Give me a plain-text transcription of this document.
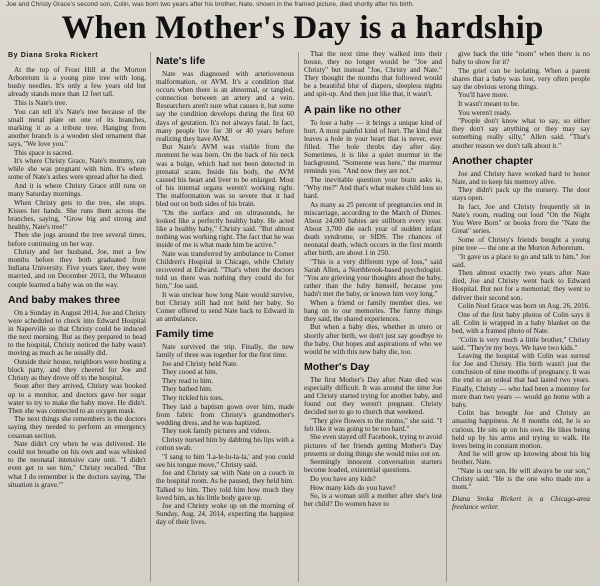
Joe and Christy Grace's second son, Colin, was born two years after his brother, Nate, shown in the framed picture, died shortly after his birth.
When Mother's Day is a hardship
By Diana Sroka Rickert

At the top of Frost Hill at the Morton Arboretum is a young pine tree with long, bushy needles. It's only a few years old but already stands more than 12 feet tall.

This is Nate's tree.

You can tell it's Nate's tree because of the small metal plate on one of its branches, marking it as a tribute tree. Hanging from another branch is a wooden sled ornament that says, "We love you."

This space is sacred.

It's where Christy Grace, Nate's mommy, ran while she was pregnant with him. It's where some of Nate's ashes were spread after he died.

And it is where Christy Grace still runs on many Saturday mornings.

When Christy gets to the tree, she stops. Kisses her hands. She runs them across the branches, saying, "Grow big and strong and healthy, Nate's tree!"

Then she jogs around the tree several times, before continuing on her way.

Christy and her husband, Joe, met a few months before they both graduated from Indiana University. Five years later, they were married, and on December 2013, the Wheaton couple learned a baby was on the way.

And baby makes three

On a Sunday in August 2014, Joe and Christy were scheduled to check into Edward Hospital in Naperville so that Christy could be induced the next morning. But as they prepared to head to the hospital, Christy noticed the baby wasn't moving as much as he usually did.

Outside their house, neighbors were hosting a block party, and they cheered for Joe and Christy as they drove off to the hospital.

Soon after they arrived, Christy was hooked up to a monitor, and doctors gave her sugar water to try to make the baby move. He didn't. Then she was connected to an oxygen mask.

The next things she remembers is the doctors saying they needed to perform an emergency cesarean section.

Nate didn't cry when he was delivered. He could not breathe on his own and was whisked to the neonatal intensive care unit. "I didn't even get to see him," Christy recalled. "But what I do remember is the doctors saying, 'The situation is grave.'"

Nate's life

Nate was diagnosed with arteriovenous malformation, or AVM. It's a condition that occurs when there is an abnormal, or tangled, connection between an artery and a vein. Researchers aren't sure what causes it, but some say the condition develops during the first 60 days of gestation. It's not always fatal. In fact, many people live for 30 or 40 years before realizing they have AVM.

But Nate's AVM was visible from the moment he was born. On the back of his neck was a bulge, which had not been detected in prenatal scans. Inside his body, the AVM caused his heart and liver to be enlarged. Most of his internal organs weren't working right. The malformation was so severe that it had bled out on both sides of his brain.

"On the surface and on ultrasounds, he looked like a perfectly healthy baby. He acted like a healthy baby," Christy said. "But almost nothing was working right. The fact that he was inside of me is what made him be active."

Nate was transferred by ambulance to Comer Children's Hospital in Chicago, while Christy recovered at Edward. "That's when the doctors told us there was nothing they could do for him," Joe said.

It was unclear how long Nate would survive, but Christy still had not held her baby. So Comer offered to send Nate back to Edward in an ambulance.

Family time

Nate survived the trip. Finally, the new family of three was together for the first time.

Joe and Christy held Nate.

They cooed at him.

They read to him.

They bathed him.

They tickled his toes.

They laid a baptism gown over him, made from fabric from Christy's grandmother's wedding dress, and he was baptized.

They took family pictures and videos.

Christy nursed him by dabbing his lips with a cotton swab.

"I sang to him 'La-le-lu-la-la,' and you could see his tongue move," Christy said.

Joe and Christy sat with Nate on a couch in the hospital room. As he paused, they held him. Talked to him. They told him how much they loved him, as his little body gave up.

Joe and Christy woke up on the morning of Sunday, Aug. 24, 2014, expecting the happiest day of their lives.

That the next time they walked into their house, they no longer would be "Joe and Christy" but instead "Joe, Christy and Nate." They thought the months that followed would be a beautiful blur of diapers, sleepless nights and spit-up. And then just like that, it wasn't.

A pain like no other

To lose a baby — it brings a unique kind of hurt. A most painful kind of hurt. The kind that leaves a hole in your heart that is never, ever filled. The hole throbs day after day. Sometimes, it is like a quiet murmur in the background. "Someone was here," the murmur reminds you. "And now they are not."

The inevitable question your brain asks is, "Why me?" And that's what makes child loss so hard.

As many as 25 percent of pregnancies end in miscarriage, according to the March of Dimes. About 24,000 babies are stillborn every year. About 3,700 die each year of sudden infant death syndrome, or SIDS. The chances of neonatal death, which occurs in the first month after birth, are about 1 in 250.

"This is a very different type of loss," said Sarah Allen, a Northbrook-based psychologist. "You are grieving your thoughts about the baby, rather than the baby himself, because you hadn't met the baby, or known him very long."

When a friend or family member dies, we hang on to our memories. The funny things they said, the shared experiences.

But when a baby dies, whether in utero or shortly after birth, we don't just say goodbye to the baby. Our hopes and aspirations of who we would be with this new baby die, too.

Mother's Day

The first Mother's Day after Nate died was especially difficult. It was around the time Joe and Christy started trying for another baby, and found out they weren't pregnant. Christy decided not to go to church that weekend.

"They give flowers to the moms," she said. "I felt like it was going to be too hard."

She even stayed off Facebook, trying to avoid pictures of her friends getting Mother's Day presents or doing things she would miss out on.

Seemingly innocent conversation starters become loaded, existential questions.

Do you have any kids?

How many kids do you have?

So, is a woman still a mother after she's lost her child? Do women have to

give back the title "mom" when there is no baby to show for it?

The grief can be isolating. When a parent shares that a baby was lost, very often people say the obvious wrong things.

You'll have more.

It wasn't meant to be.

You weren't ready.

"People don't know what to say, so either they don't say anything or they may say something really silly," Allen said. "That's another reason we don't talk about it."

Another chapter

Joe and Christy have worked hard to honor Nate, and to keep his memory alive.

They didn't pack up the nursery. The door stays open.

In fact, Joe and Christy frequently sit in Nate's room, reading out loud "On the Night You Were Born" or books from the "Nate the Great" series.

Some of Christy's friends bought a young pine tree — the one at the Morton Arboretum.

"It gave us a place to go and talk to him," Joe said.

Then almost exactly two years after Nate died, Joe and Christy went back to Edward Hospital. But not for a memorial; they went to deliver their second son.

Colin Noel Grace was born on Aug. 26, 2016.

One of the first baby photos of Colin says it all. Colin is wrapped in a baby blanket on the bed, with a framed photo of Nate.

"Colin is very much a little brother," Christy said. "They're my boys. We have two kids."

Leaving the hospital with Colin was surreal for Joe and Christy. His birth wasn't just the conclusion of nine months of pregnancy. It was the end to an ordeal that had lasted two years. Finally, Christy — who had been a mommy for more than two years — would go home with a baby.

Colin has brought Joe and Christy an amazing happiness. At 8 months old, he is so curious. He sits up on his own. He likes being held up by his arms and trying to walk. He loves being in constant motion.

And he will grow up knowing about his big brother, Nate.

"Nate is our son. He will always be our son," Christy said. "He is the one who made me a mom."

Diana Sroka Rickert is a Chicago-area freelance writer.
